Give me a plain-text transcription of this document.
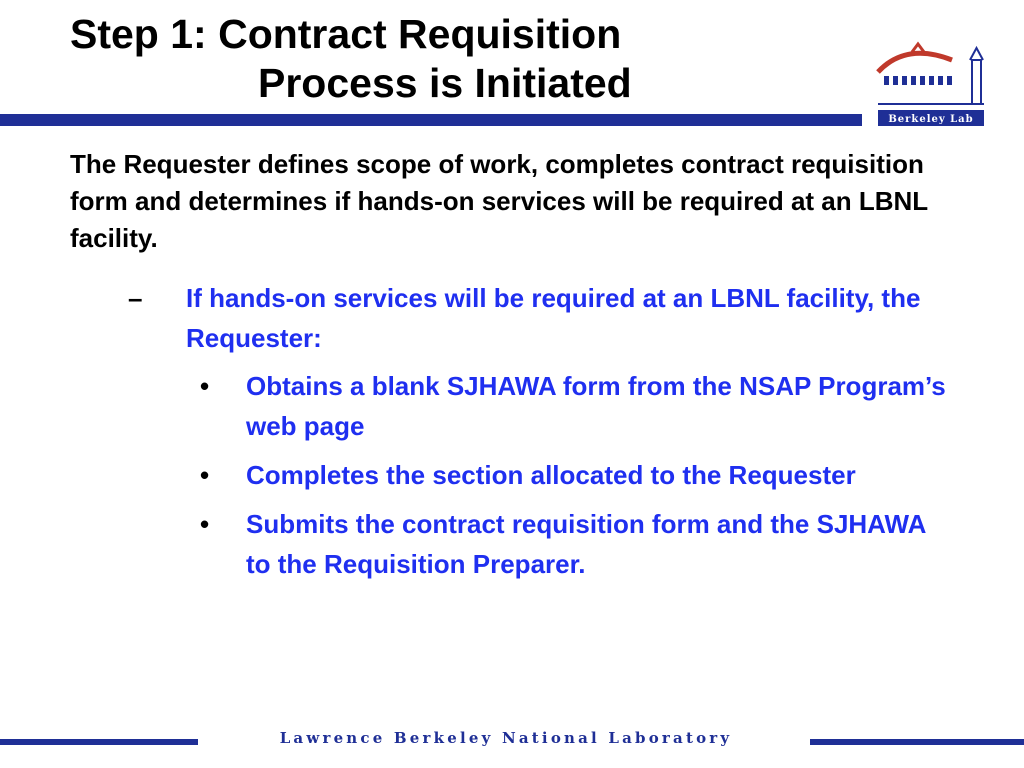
Step 1: Contract Requisition
Process is Initiated
Berkeley Lab

The Requester defines scope of work, completes contract requisition form and determines if hands-on services will be required at an LBNL facility.

–	If hands-on services will be required at an LBNL facility, the Requester:
• Obtains a blank SJHAWA form from the NSAP Program’s web page
• Completes the section allocated to the Requester
• Submits the contract requisition form and the SJHAWA to the Requisition Preparer.
Lawrence Berkeley National Laboratory
